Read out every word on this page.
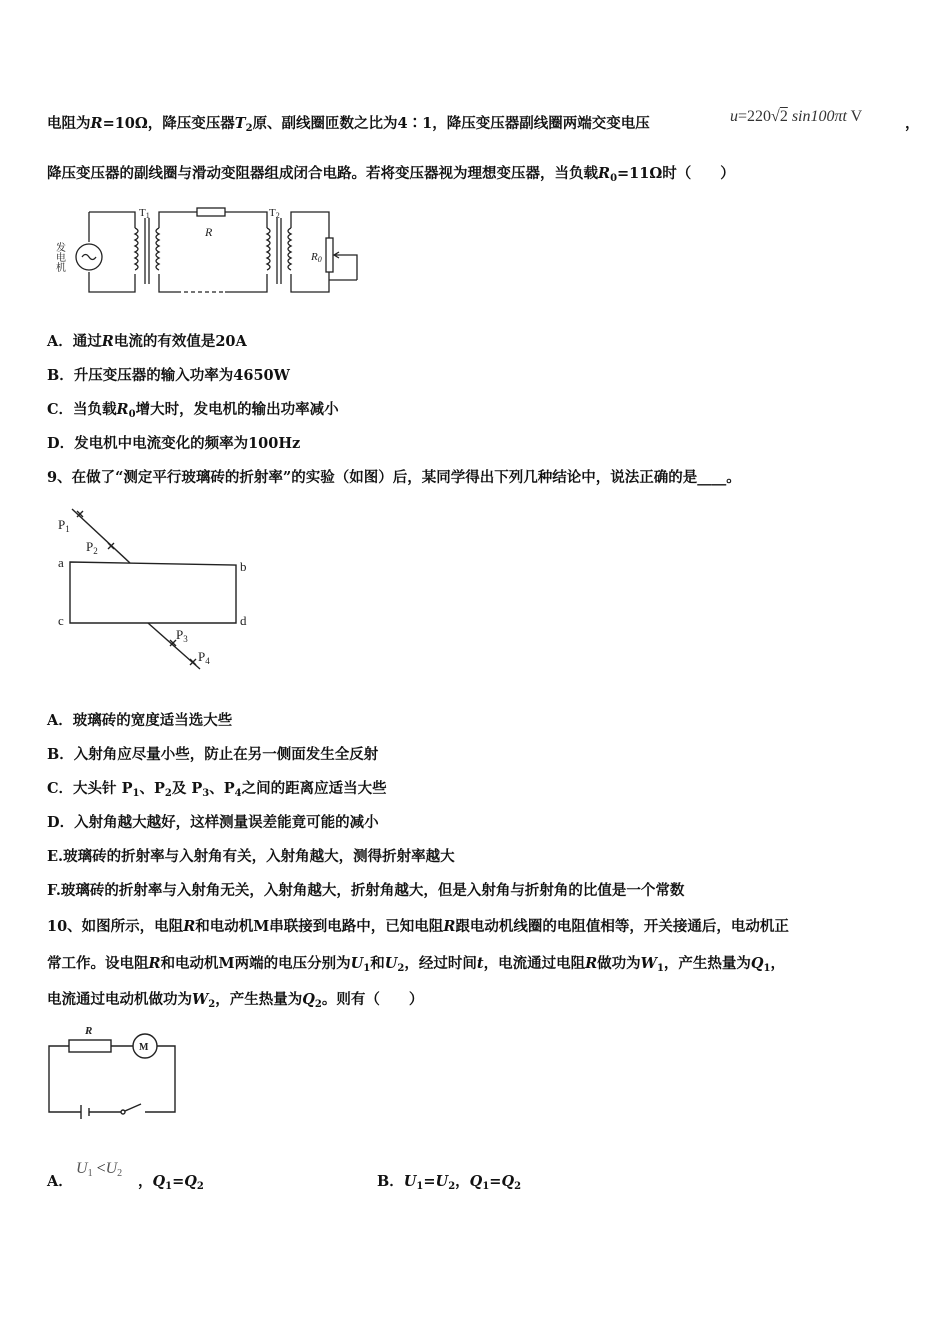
电阻为R=10Ω，降压变压器$T_2$原、副线圈匝数之比为4∶1，降压变压器副线圈两端交变电压	u=220√2 sin100πt V	，
降压变压器的副线圈与滑动变阻器组成闭合电路。若将变压器视为理想变压器，当负载$R_0=11\Omega$时（　　）
发电机
T1	T2
R
R0
A．通过R电流的有效值是20A
B．升压变压器的输入功率为4650W
C．当负载$R_0$增大时，发电机的输出功率减小
D．发电机中电流变化的频率为100Hz
9、在做了“测定平行玻璃砖的折射率”的实验（如图）后，某同学得出下列几种结论中，说法正确的是____。
$P_1$
$P_2$
$P_3$
$P_4$
a	b
c	d
A．玻璃砖的宽度适当选大些
B．入射角应尽量小些，防止在另一侧面发生全反射
C．大头针 $P_1$、$P_2$及 $P_3$、$P_4$之间的距离应适当大些
D．入射角越大越好，这样测量误差能竟可能的减小
E.玻璃砖的折射率与入射角有关，入射角越大，测得折射率越大
F.玻璃砖的折射率与入射角无关，入射角越大，折射角越大，但是入射角与折射角的比值是一个常数
10、如图所示，电阻R和电动机M串联接到电路中，已知电阻R跟电动机线圈的电阻值相等，开关接通后，电动机正
常工作。设电阻R和电动机M两端的电压分别为$U_1$和$U_2$，经过时间t，电流通过电阻R做功为$W_1$，产生热量为$Q_1$，
电流通过电动机做功为$W_2$，产生热量为$Q_2$。则有（　　）
R
M
A．
$U_1 <U_2$ ，$Q_1=Q_2$	B．$U_1=U_2$，$Q_1=Q_2$
